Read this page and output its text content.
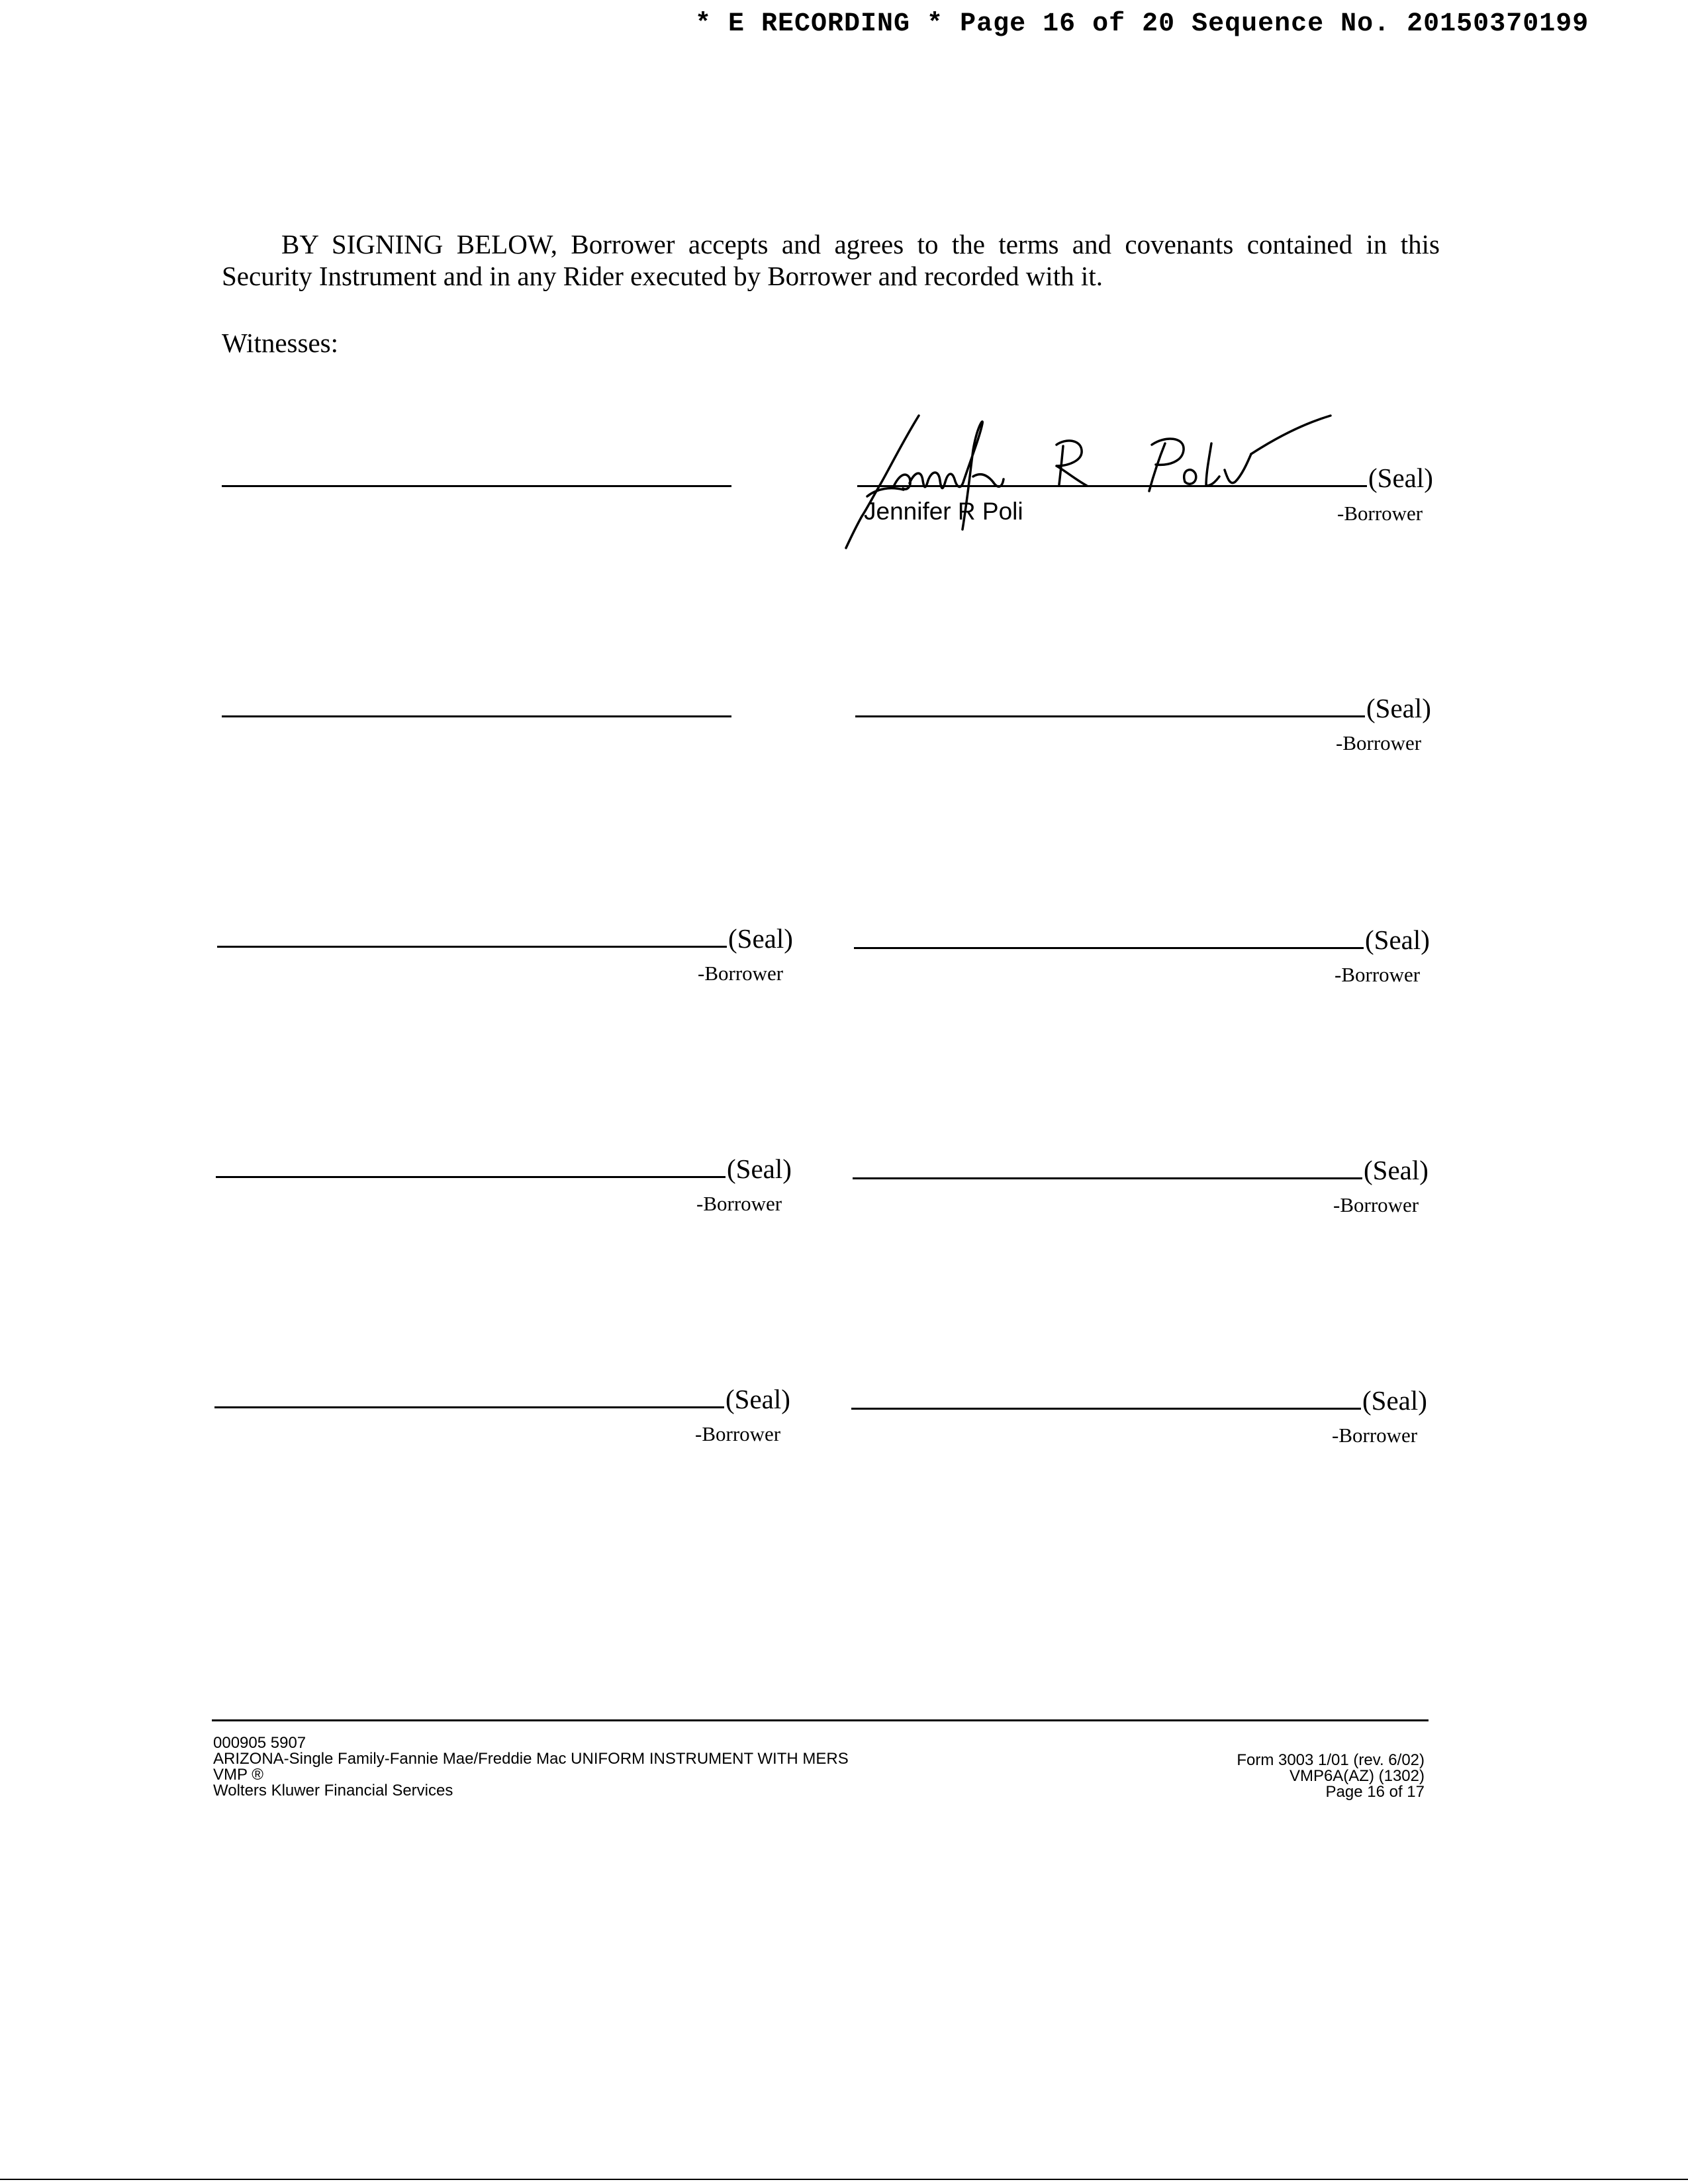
* E RECORDING * Page 16 of 20 Sequence No. 20150370199
BY SIGNING BELOW, Borrower accepts and agrees to the terms and covenants contained in this Security Instrument and in any Rider executed by Borrower and recorded with it.
Witnesses:
(Seal)
-Borrower
Jennifer R Poli
(Seal)
-Borrower
(Seal)
-Borrower
(Seal)
-Borrower
(Seal)
-Borrower
(Seal)
-Borrower
(Seal)
-Borrower
(Seal)
-Borrower
000905 5907
ARIZONA-Single Family-Fannie Mae/Freddie Mac UNIFORM INSTRUMENT WITH MERS
VMP ®
Wolters Kluwer Financial Services
Form 3003 1/01 (rev. 6/02)
VMP6A(AZ) (1302)
Page 16 of 17
